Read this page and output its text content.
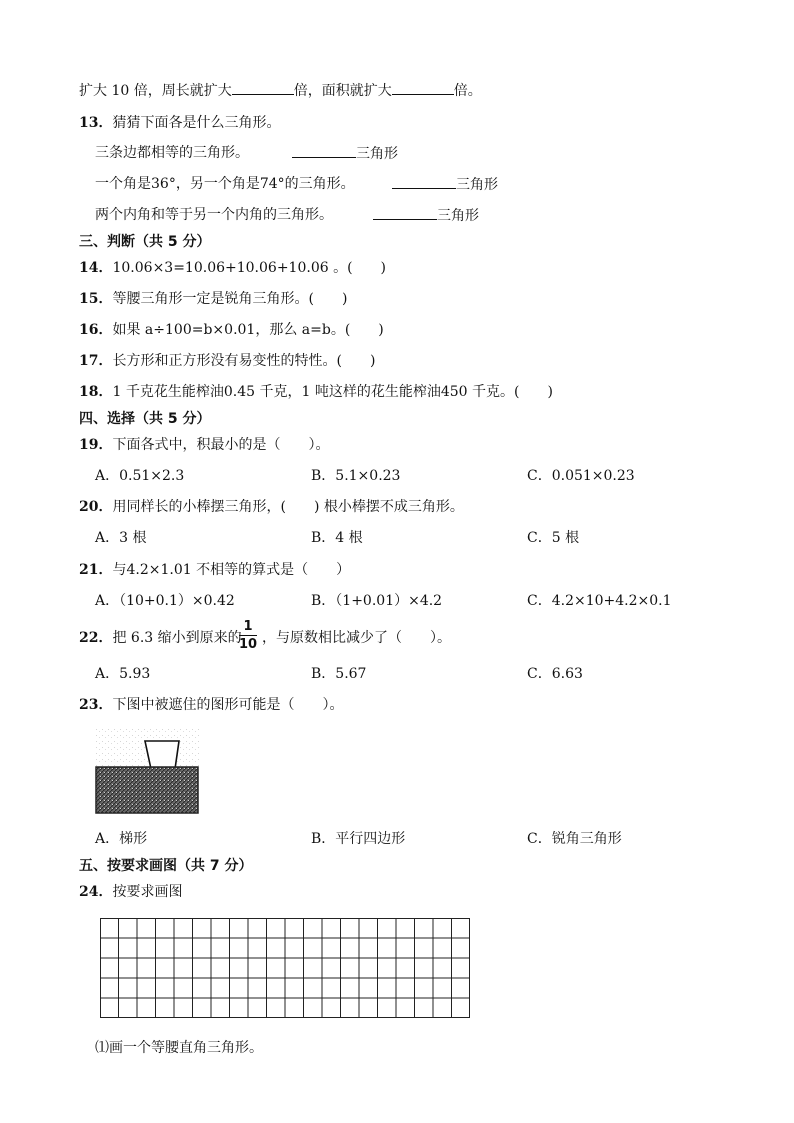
扩大 10 倍，周长就扩大	倍，面积就扩大	倍。
13．猜猜下面各是什么三角形。
三条边都相等的三角形。	三角形
一个角是36°，另一个角是74°的三角形。	三角形
两个内角和等于另一个内角的三角形。	三角形
三、判断（共 5 分）
14．10.06×3=10.06+10.06+10.06 。(　　)
15．等腰三角形一定是锐角三角形。(　　)
16．如果 a÷100=b×0.01，那么 a=b。(　　)
17．长方形和正方形没有易变性的特性。(　　)
18．1 千克花生能榨油0.45 千克，1 吨这样的花生能榨油450 千克。(　　)
四、选择（共 5 分）
19．下面各式中，积最小的是（　　）。
A．0.51×2.3	B．5.1×0.23	C．0.051×0.23
20．用同样长的小棒摆三角形，(　　) 根小棒摆不成三角形。
A．3 根	B．4 根	C．5 根
21．与4.2×1.01 不相等的算式是（　　）
A．（10+0.1）×0.42	B．（1+0.01）×4.2	C．4.2×10+4.2×0.1
22．把 6.3 缩小到原来的
1
10 ，与原数相比减少了（　　）。
A．5.93	B．5.67	C．6.63
23．下图中被遮住的图形可能是（　　）。
A．梯形	B．平行四边形	C．锐角三角形
五、按要求画图（共 7 分）
24．按要求画图
⑴画一个等腰直角三角形。
